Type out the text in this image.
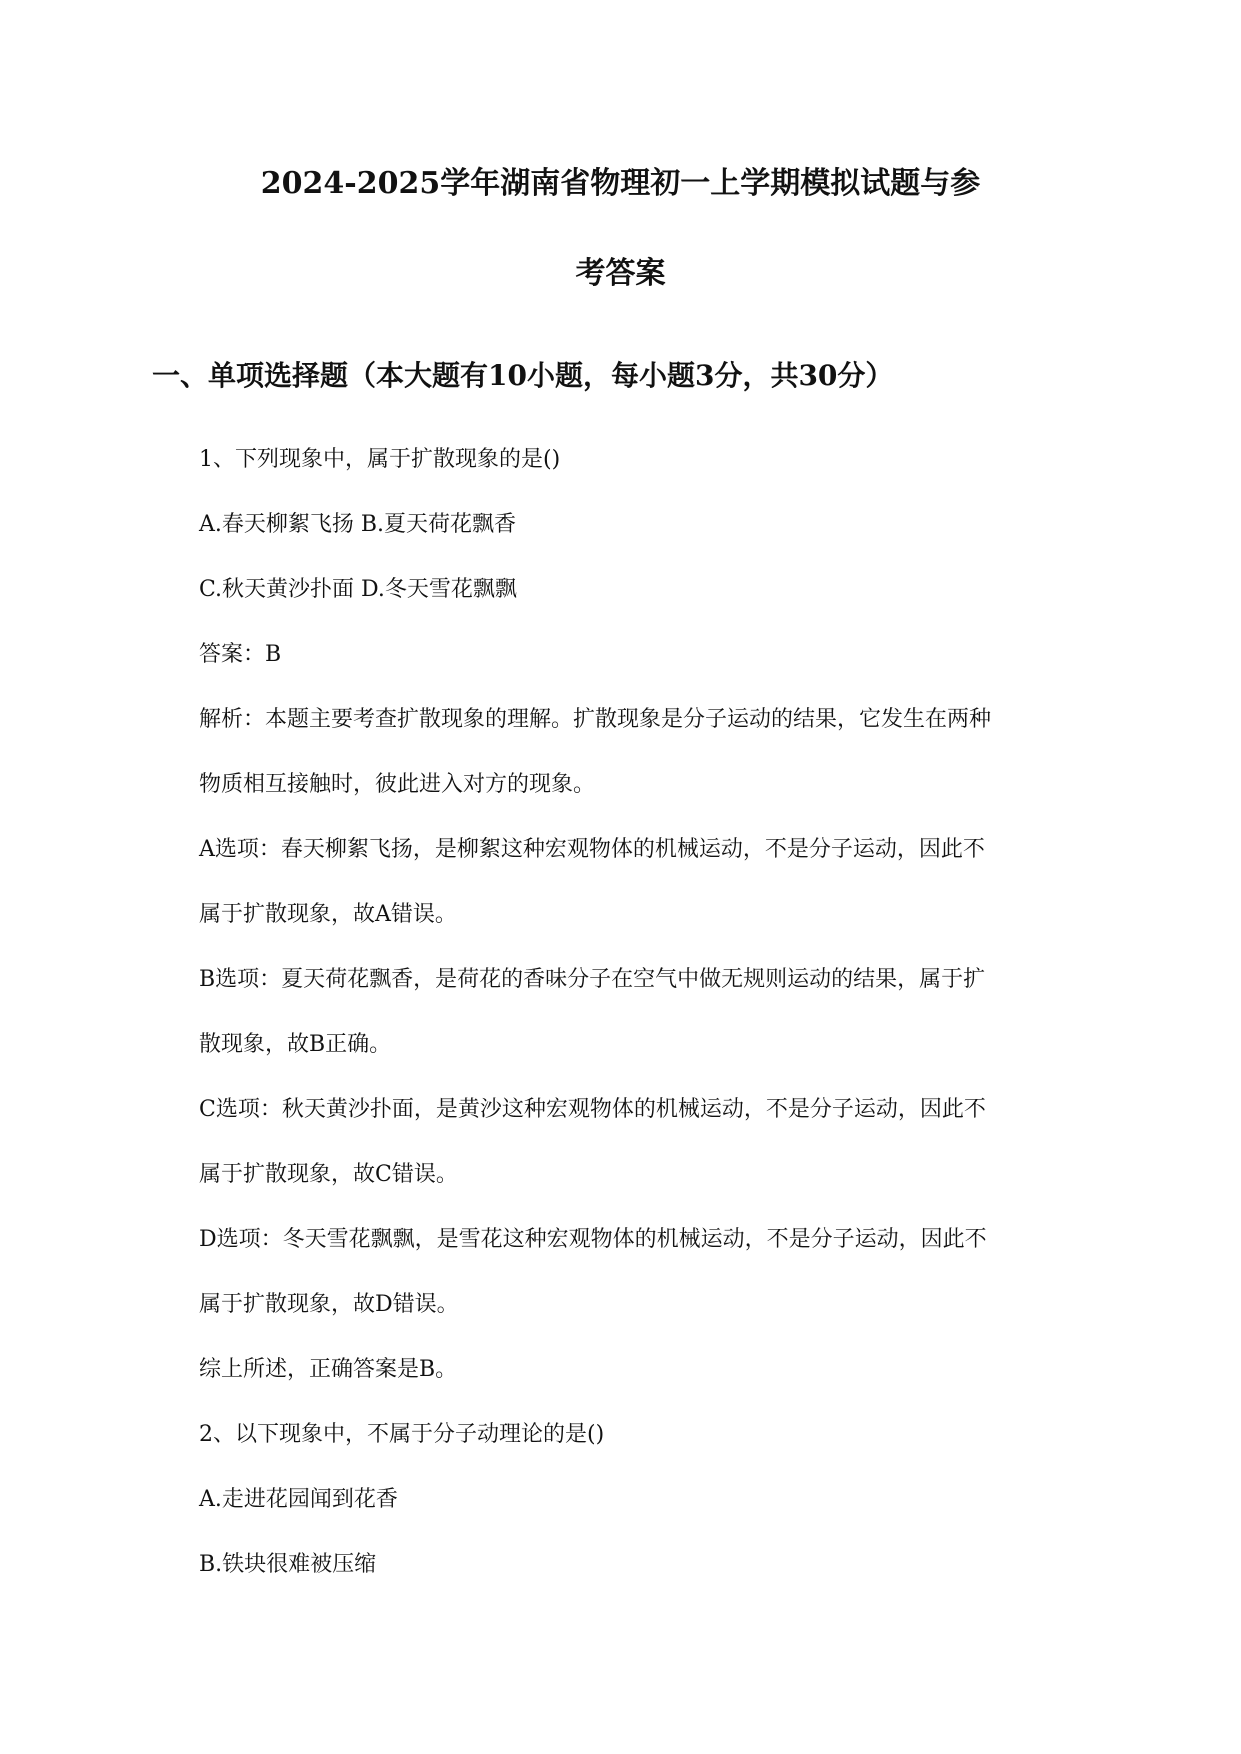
2024-2025学年湖南省物理初一上学期模拟试题与参
考答案
一、单项选择题（本大题有10小题，每小题3分，共30分）
1、下列现象中，属于扩散现象的是()
A.春天柳絮飞扬 B.夏天荷花飘香
C.秋天黄沙扑面 D.冬天雪花飘飘
答案：B
解析：本题主要考查扩散现象的理解。扩散现象是分子运动的结果，它发生在两种
物质相互接触时，彼此进入对方的现象。
A选项：春天柳絮飞扬，是柳絮这种宏观物体的机械运动，不是分子运动，因此不
属于扩散现象，故A错误。
B选项：夏天荷花飘香，是荷花的香味分子在空气中做无规则运动的结果，属于扩
散现象，故B正确。
C选项：秋天黄沙扑面，是黄沙这种宏观物体的机械运动，不是分子运动，因此不
属于扩散现象，故C错误。
D选项：冬天雪花飘飘，是雪花这种宏观物体的机械运动，不是分子运动，因此不
属于扩散现象，故D错误。
综上所述，正确答案是B。
2、以下现象中，不属于分子动理论的是()
A.走进花园闻到花香
B.铁块很难被压缩
